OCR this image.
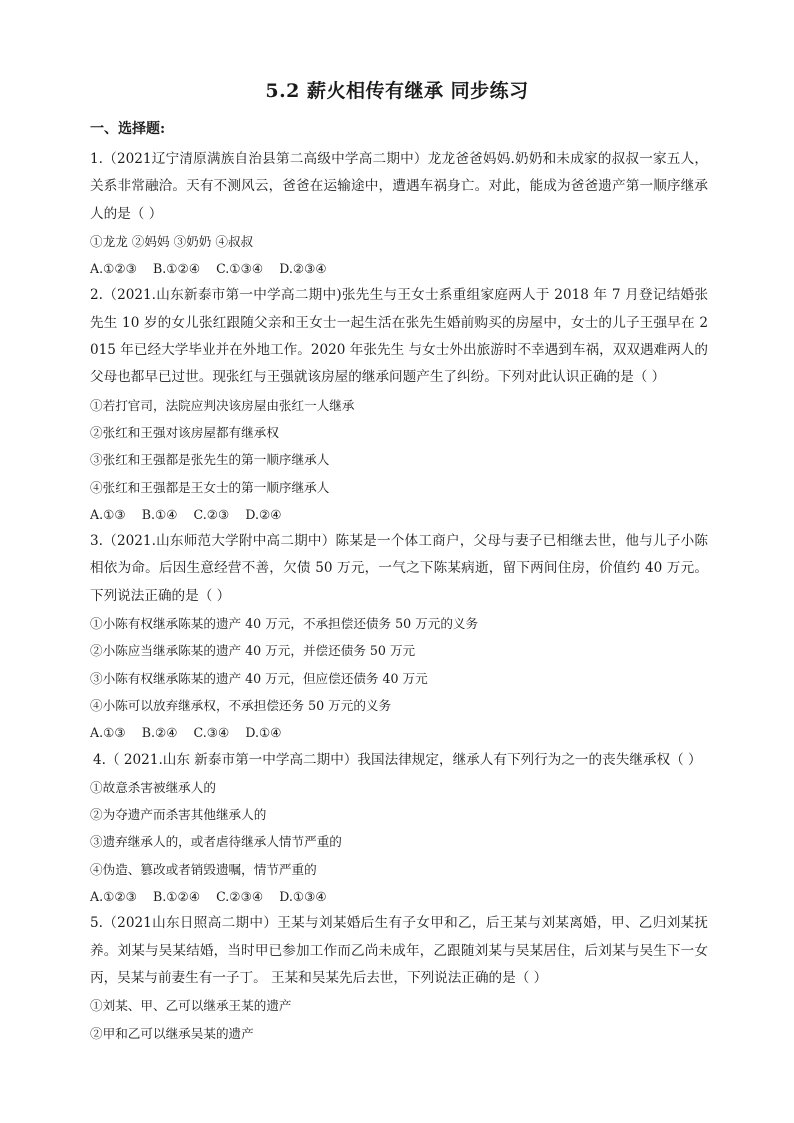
5.2 薪火相传有继承 同步练习
一、选择题:

1.（2021辽宁清原满族自治县第二高级中学高二期中）龙龙爸爸妈妈.奶奶和未成家的叔叔一家五人，关系非常融洽。天有不测风云，爸爸在运输途中，遭遇车祸身亡。对此，能成为爸爸遗产第一顺序继承人的是（ ）

①龙龙 ②妈妈 ③奶奶 ④叔叔

A.①②③    B.①②④    C.①③④    D.②③④

2.（2021.山东新泰市第一中学高二期中)张先生与王女士系重组家庭两人于 2018 年 7 月登记结婚张先生 10 岁的女儿张红跟随父亲和王女士一起生活在张先生婚前购买的房屋中，女士的儿子王强早在 2015 年已经大学毕业并在外地工作。2020 年张先生 与女士外出旅游时不幸遇到车祸，双双遇难两人的父母也都早已过世。现张红与王强就该房屋的继承问题产生了纠纷。下列对此认识正确的是（ ）

①若打官司，法院应判决该房屋由张红一人继承

②张红和王强对该房屋都有继承权

③张红和王强都是张先生的第一顺序继承人

④张红和王强都是王女士的第一顺序继承人

A.①③    B.①④    C.②③    D.②④

3.（2021.山东师范大学附中高二期中）陈某是一个体工商户，父母与妻子已相继去世，他与儿子小陈相依为命。后因生意经营不善，欠债 50 万元，一气之下陈某病逝，留下两间住房，价值约 40 万元。下列说法正确的是（ ）

①小陈有权继承陈某的遗产 40 万元，不承担偿还债务 50 万元的义务

②小陈应当继承陈某的遗产 40 万元，并偿还债务 50 万元

③小陈有权继承陈某的遗产 40 万元，但应偿还债务 40 万元

④小陈可以放弃继承权，不承担偿还务 50 万元的义务

A.①③    B.②④    C.③④    D.①④

4.（ 2021.山东 新泰市第一中学高二期中）我国法律规定，继承人有下列行为之一的丧失继承权（ ）

①故意杀害被继承人的

②为夺遗产而杀害其他继承人的

③遗弃继承人的，或者虐待继承人情节严重的

④伪造、篡改或者销毁遗嘱，情节严重的

A.①②③    B.①②④    C.②③④    D.①③④

5.（2021山东日照高二期中）王某与刘某婚后生有子女甲和乙，后王某与刘某离婚，甲、乙归刘某抚养。刘某与吴某结婚，当时甲已参加工作而乙尚未成年，乙跟随刘某与吴某居住，后刘某与吴生下一女丙，吴某与前妻生有一子丁。 王某和吴某先后去世，下列说法正确的是（ ）

①刘某、甲、乙可以继承王某的遗产

②甲和乙可以继承吴某的遗产
